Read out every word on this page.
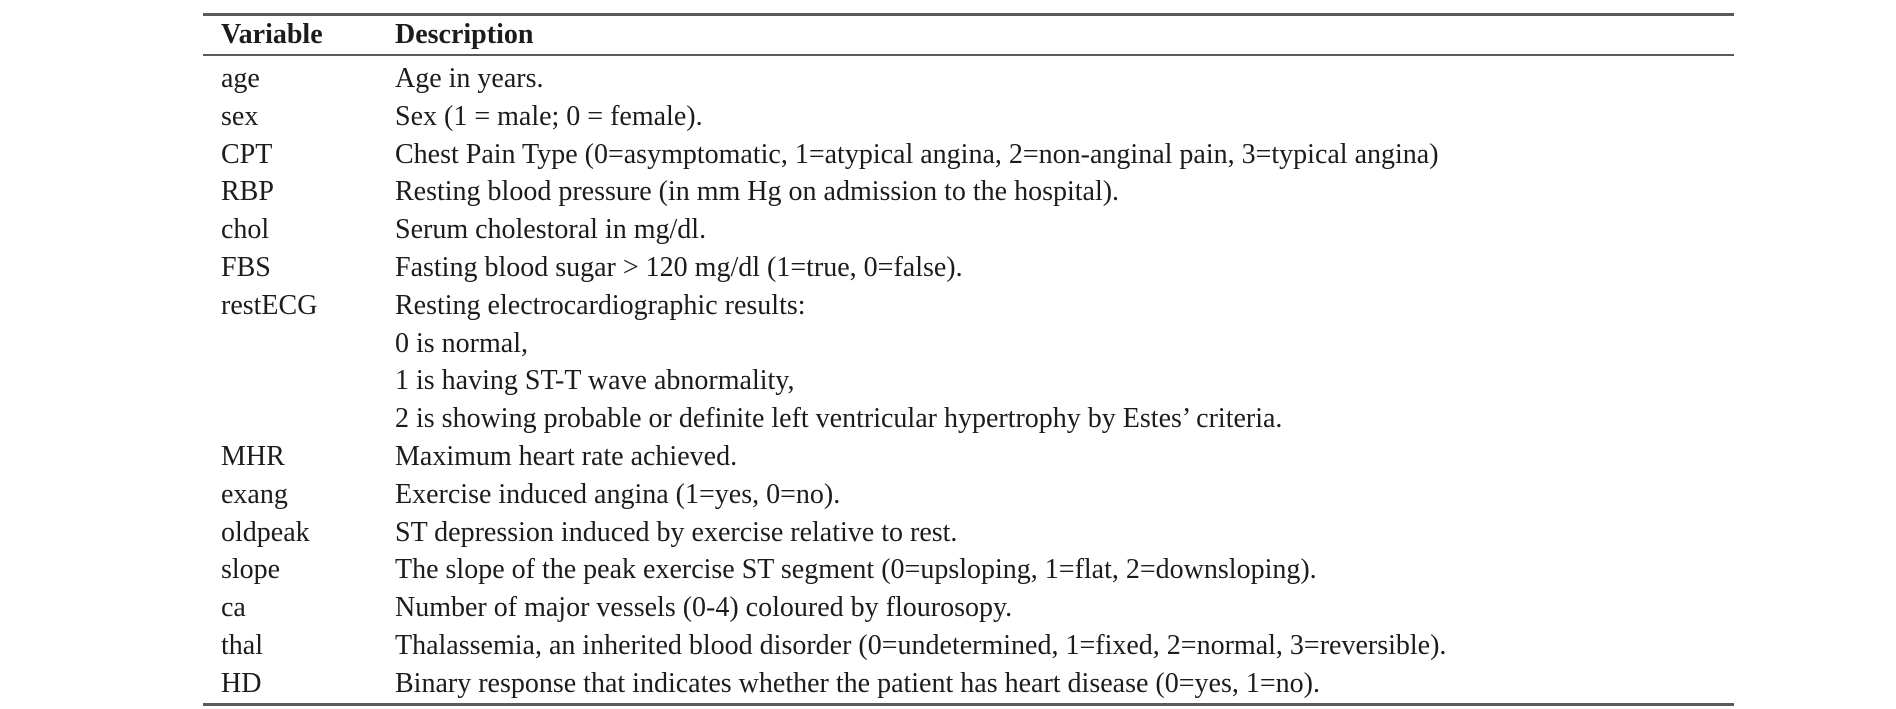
Variable	Description
age	Age in years.

sex	Sex (1 = male; 0 = female).

CPT	Chest Pain Type (0=asymptomatic, 1=atypical angina, 2=non-anginal pain, 3=typical angina)

RBP	Resting blood pressure (in mm Hg on admission to the hospital).

chol	Serum cholestoral in mg/dl.

FBS	Fasting blood sugar > 120 mg/dl (1=true, 0=false).

restECG	Resting electrocardiographic results:
0 is normal,
1 is having ST-T wave abnormality,
2 is showing probable or definite left ventricular hypertrophy by Estes’ criteria.

MHR	Maximum heart rate achieved.

exang	Exercise induced angina (1=yes, 0=no).

oldpeak	ST depression induced by exercise relative to rest.

slope	The slope of the peak exercise ST segment (0=upsloping, 1=flat, 2=downsloping).

ca	Number of major vessels (0-4) coloured by flourosopy.

thal	Thalassemia, an inherited blood disorder (0=undetermined, 1=fixed, 2=normal, 3=reversible).

HD	Binary response that indicates whether the patient has heart disease (0=yes, 1=no).
